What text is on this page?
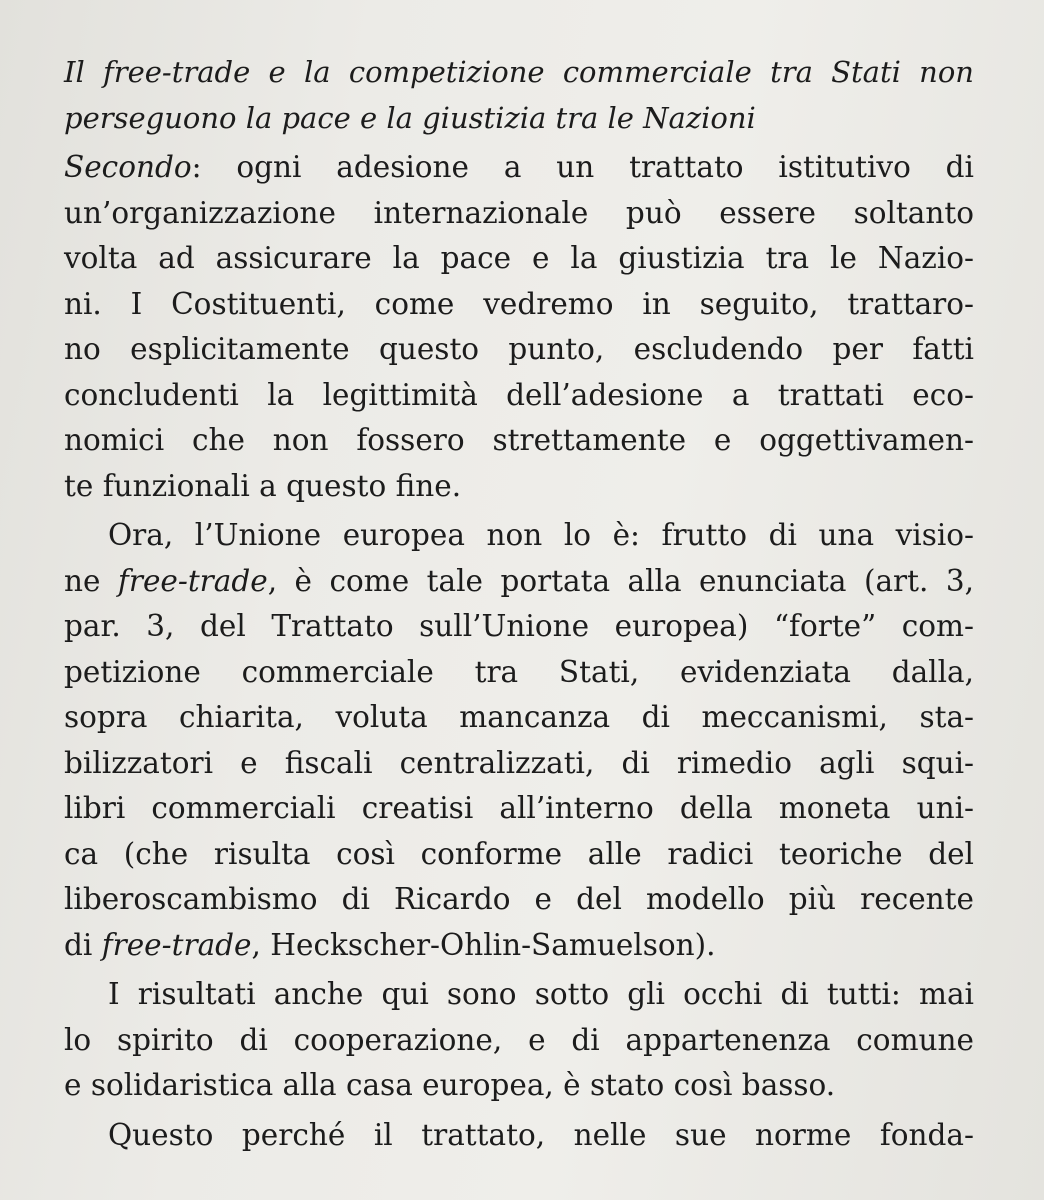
Il free-trade e la competizione commerciale tra Stati non
perseguono la pace e la giustizia tra le Nazioni
Secondo: ogni adesione a un trattato istitutivo di
un’organizzazione internazionale può essere soltanto
volta ad assicurare la pace e la giustizia tra le Nazio-
ni. I Costituenti, come vedremo in seguito, trattaro-
no esplicitamente questo punto, escludendo per fatti
concludenti la legittimità dell’adesione a trattati eco-
nomici che non fossero strettamente e oggettivamen-
te funzionali a questo fine.
Ora, l’Unione europea non lo è: frutto di una visio-
ne free-trade, è come tale portata alla enunciata (art. 3,
par. 3, del Trattato sull’Unione europea) “forte” com-
petizione commerciale tra Stati, evidenziata dalla,
sopra chiarita, voluta mancanza di meccanismi, sta-
bilizzatori e fiscali centralizzati, di rimedio agli squi-
libri commerciali creatisi all’interno della moneta uni-
ca (che risulta così conforme alle radici teoriche del
liberoscambismo di Ricardo e del modello più recente
di free-trade, Heckscher-Ohlin-Samuelson).
I risultati anche qui sono sotto gli occhi di tutti: mai
lo spirito di cooperazione, e di appartenenza comune
e solidaristica alla casa europea, è stato così basso.
Questo perché il trattato, nelle sue norme fonda-
